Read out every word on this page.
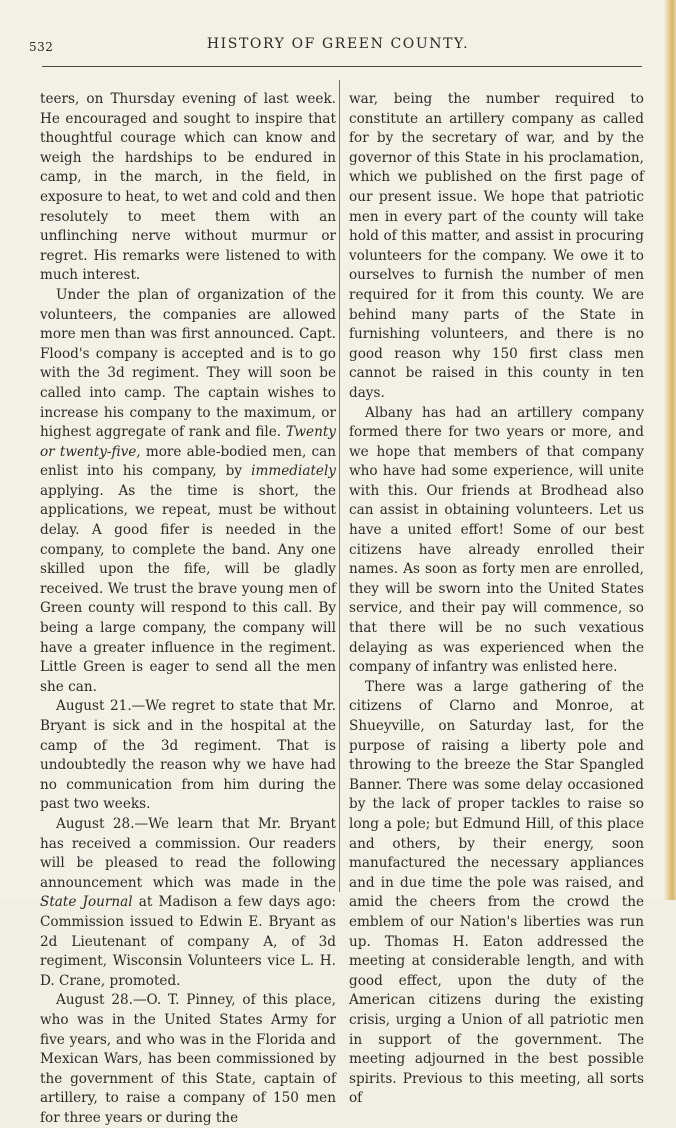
532	HISTORY OF GREEN COUNTY.

teers, on Thursday evening of last week. He encouraged and sought to inspire that thoughtful courage which can know and weigh the hardships to be endured in camp, in the march, in the field, in exposure to heat, to wet and cold and then resolutely to meet them with an unflinching nerve without murmur or regret. His remarks were listened to with much interest.

Under the plan of organization of the volunteers, the companies are allowed more men than was first announced. Capt. Flood's company is accepted and is to go with the 3d regiment. They will soon be called into camp. The captain wishes to increase his company to the maximum, or highest aggregate of rank and file. Twenty or twenty-five, more able-bodied men, can enlist into his company, by immediately applying. As the time is short, the applications, we repeat, must be without delay. A good fifer is needed in the company, to complete the band. Any one skilled upon the fife, will be gladly received. We trust the brave young men of Green county will respond to this call. By being a large company, the company will have a greater influence in the regiment. Little Green is eager to send all the men she can.

August 21.—We regret to state that Mr. Bryant is sick and in the hospital at the camp of the 3d regiment. That is undoubtedly the reason why we have had no communication from him during the past two weeks.

August 28.—We learn that Mr. Bryant has received a commission. Our readers will be pleased to read the following announcement which was made in the State Journal at Madison a few days ago: Commission issued to Edwin E. Bryant as 2d Lieutenant of company A, of 3d regiment, Wisconsin Volunteers vice L. H. D. Crane, promoted.

August 28.—O. T. Pinney, of this place, who was in the United States Army for five years, and who was in the Florida and Mexican Wars, has been commissioned by the government of this State, captain of artillery, to raise a company of 150 men for three years or during the

war, being the number required to constitute an artillery company as called for by the secretary of war, and by the governor of this State in his proclamation, which we published on the first page of our present issue. We hope that patriotic men in every part of the county will take hold of this matter, and assist in procuring volunteers for the company. We owe it to ourselves to furnish the number of men required for it from this county. We are behind many parts of the State in furnishing volunteers, and there is no good reason why 150 first class men cannot be raised in this county in ten days.

Albany has had an artillery company formed there for two years or more, and we hope that members of that company who have had some experience, will unite with this. Our friends at Brodhead also can assist in obtaining volunteers. Let us have a united effort! Some of our best citizens have already enrolled their names. As soon as forty men are enrolled, they will be sworn into the United States service, and their pay will commence, so that there will be no such vexatious delaying as was experienced when the company of infantry was enlisted here.

There was a large gathering of the citizens of Clarno and Monroe, at Shueyville, on Saturday last, for the purpose of raising a liberty pole and throwing to the breeze the Star Spangled Banner. There was some delay occasioned by the lack of proper tackles to raise so long a pole; but Edmund Hill, of this place and others, by their energy, soon manufactured the necessary appliances and in due time the pole was raised, and amid the cheers from the crowd the emblem of our Nation's liberties was run up. Thomas H. Eaton addressed the meeting at considerable length, and with good effect, upon the duty of the American citizens during the existing crisis, urging a Union of all patriotic men in support of the government. The meeting adjourned in the best possible spirits. Previous to this meeting, all sorts of
